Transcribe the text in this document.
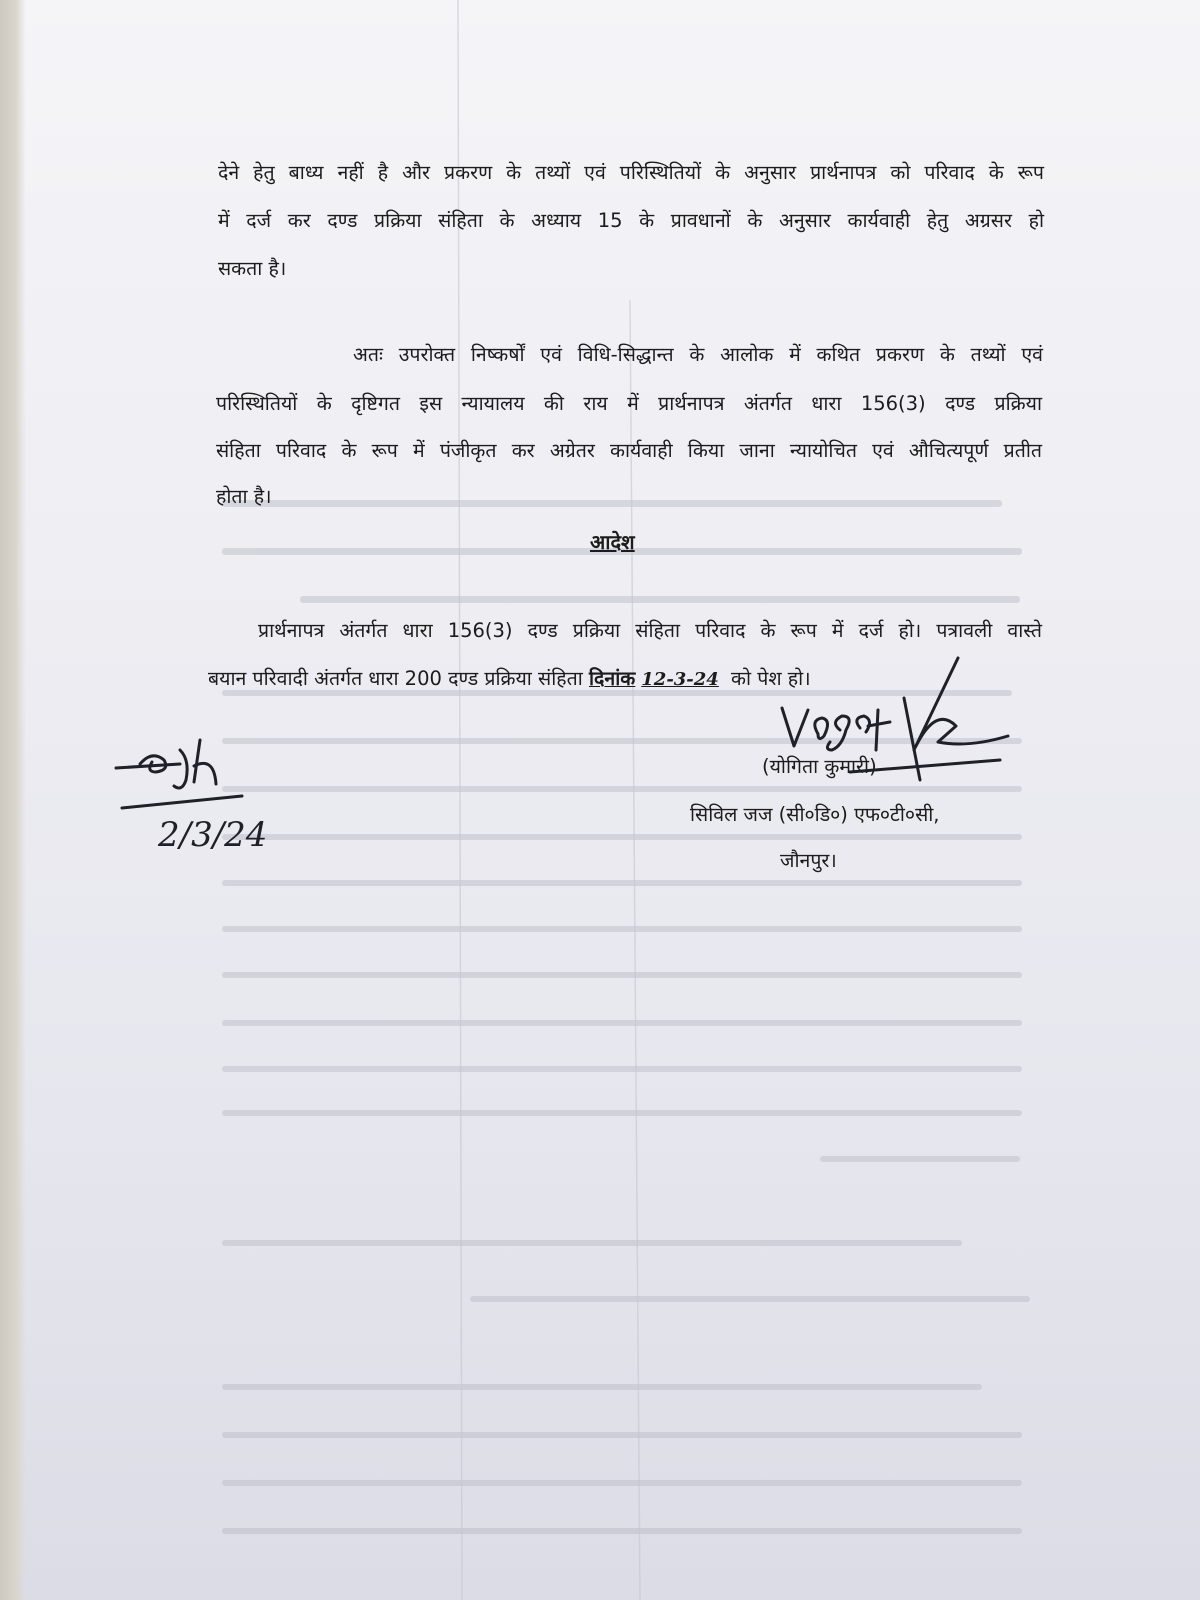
देने हेतु बाध्य नहीं है और प्रकरण के तथ्यों एवं परिस्थितियों के अनुसार प्रार्थनापत्र को परिवाद के रूप
में दर्ज कर दण्ड प्रक्रिया संहिता के अध्याय 15 के प्रावधानों के अनुसार कार्यवाही हेतु अग्रसर हो
सकता है।
अतः उपरोक्त निष्कर्षों एवं विधि-सिद्धान्त के आलोक में कथित प्रकरण के तथ्यों एवं
परिस्थितियों के दृष्टिगत इस न्यायालय की राय में प्रार्थनापत्र अंतर्गत धारा 156(3) दण्ड प्रक्रिया
संहिता परिवाद के रूप में पंजीकृत कर अग्रेतर कार्यवाही किया जाना न्यायोचित एवं औचित्यपूर्ण प्रतीत
होता है।
आदेश
प्रार्थनापत्र अंतर्गत धारा 156(3) दण्ड प्रक्रिया संहिता परिवाद के रूप में दर्ज हो। पत्रावली वास्ते
बयान परिवादी अंतर्गत धारा 200 दण्ड प्रक्रिया संहिता दिनांक 12-3-24 को पेश हो।
(योगिता कुमारी)
सिविल जज (सी०डि०) एफ०टी०सी,
जौनपुर।
2/3/24
